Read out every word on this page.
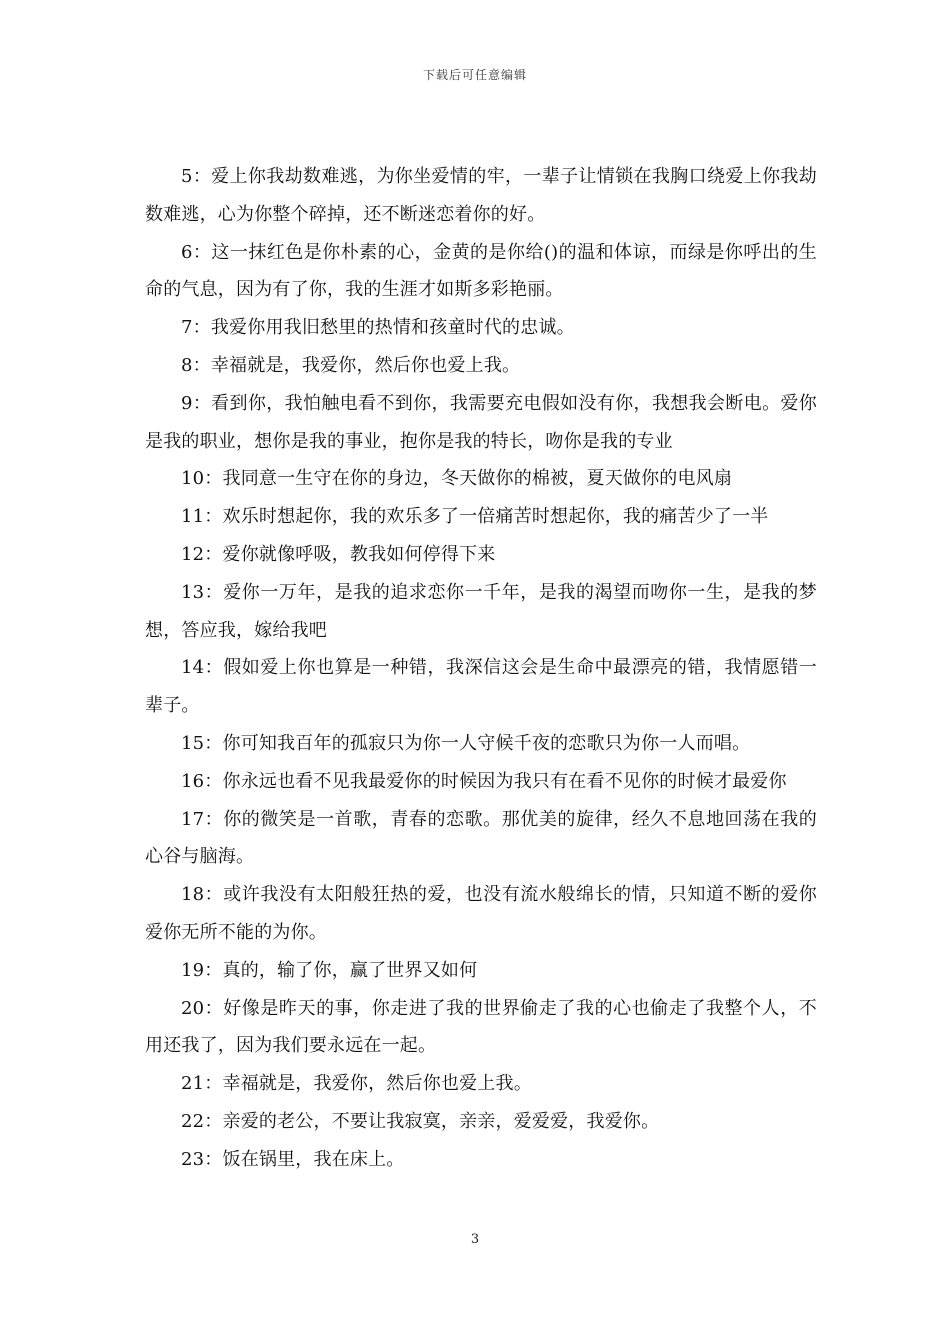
下载后可任意编辑

5：爱上你我劫数难逃，为你坐爱情的牢，一辈子让情锁在我胸口绕爱上你我劫数难逃，心为你整个碎掉，还不断迷恋着你的好。

6：这一抹红色是你朴素的心，金黄的是你给()的温和体谅，而绿是你呼出的生命的气息，因为有了你，我的生涯才如斯多彩艳丽。

7：我爱你用我旧愁里的热情和孩童时代的忠诚。

8：幸福就是，我爱你，然后你也爱上我。

9：看到你，我怕触电看不到你，我需要充电假如没有你，我想我会断电。爱你是我的职业，想你是我的事业，抱你是我的特长，吻你是我的专业

10：我同意一生守在你的身边，冬天做你的棉被，夏天做你的电风扇

11：欢乐时想起你，我的欢乐多了一倍痛苦时想起你，我的痛苦少了一半

12：爱你就像呼吸，教我如何停得下来

13：爱你一万年，是我的追求恋你一千年，是我的渴望而吻你一生，是我的梦想，答应我，嫁给我吧

14：假如爱上你也算是一种错，我深信这会是生命中最漂亮的错，我情愿错一辈子。

15：你可知我百年的孤寂只为你一人守候千夜的恋歌只为你一人而唱。

16：你永远也看不见我最爱你的时候因为我只有在看不见你的时候才最爱你

17：你的微笑是一首歌，青春的恋歌。那优美的旋律，经久不息地回荡在我的心谷与脑海。

18：或许我没有太阳般狂热的爱，也没有流水般绵长的情，只知道不断的爱你爱你无所不能的为你。

19：真的，输了你，赢了世界又如何

20：好像是昨天的事，你走进了我的世界偷走了我的心也偷走了我整个人，不用还我了，因为我们要永远在一起。

21：幸福就是，我爱你，然后你也爱上我。

22：亲爱的老公，不要让我寂寞，亲亲，爱爱爱，我爱你。

23：饭在锅里，我在床上。

3
